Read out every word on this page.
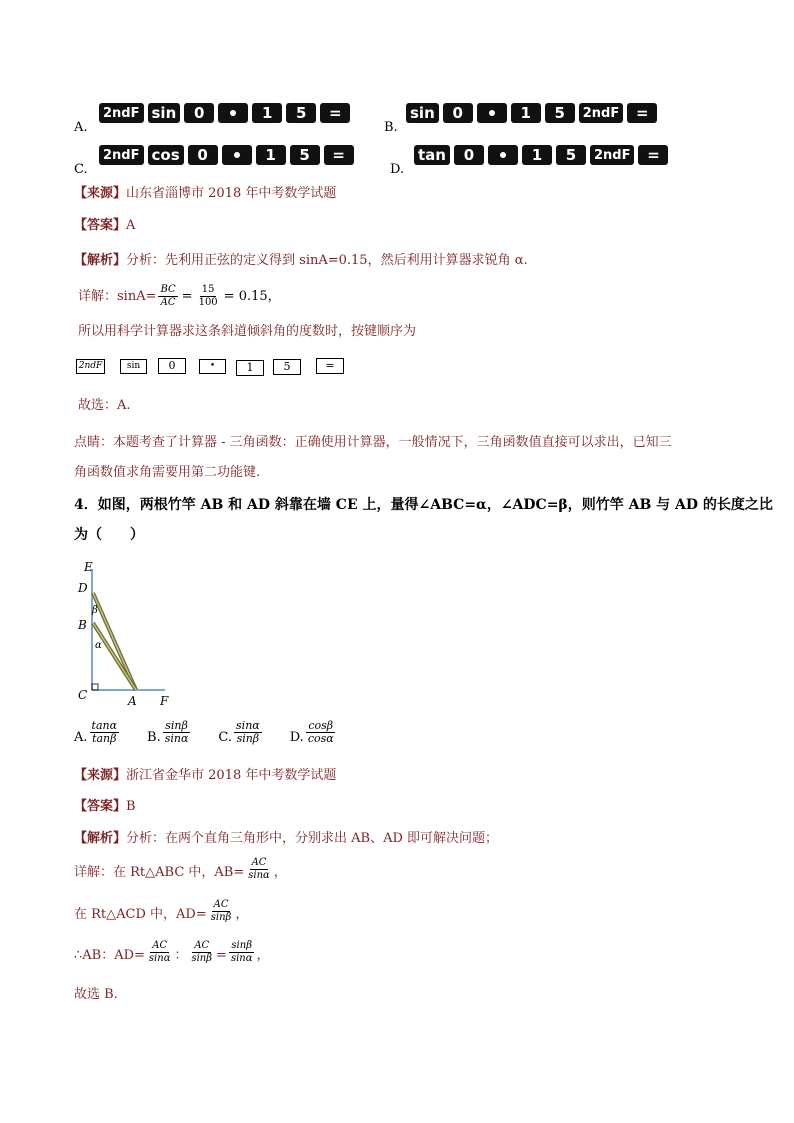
A.
2ndF sin	0	1	5	=
B.
sin	0	1	5	2ndF	=
C.
2ndF cos	0	1	5	=
D.
tan	0	1	5	2ndF	=
【来源】山东省淄博市 2018 年中考数学试题
【答案】A
【解析】分析：先利用正弦的定义得到 sinA=0.15，然后利用计算器求锐角 α.
详解：$\sin A= \frac{BC}{AC} = \frac{15}{100} = 0.15$，
所以用科学计算器求这条斜道倾斜角的度数时，按键顺序为
2ndF	sin	0	•	1	5	=
故选：A.
点睛：本题考查了计算器 - 三角函数：正确使用计算器，一般情况下，三角函数值直接可以求出，已知三
角函数值求角需要用第二功能键.
4．如图，两根竹竿 AB 和 AD 斜靠在墙 CE 上，量得∠ABC=α，∠ADC=β，则竹竿 AB 与 AD 的长度之比
为（　　）
E
D
B
C	A F
β
α
A. $\frac{\tan\alpha}{\tan\beta} B$. $\frac{\sin\beta}{\sin\alpha} C$. $\frac{\sin\alpha}{\sin\beta} D$. $\frac{\cos\beta}{\cos\alpha}$
【来源】浙江省金华市 2018 年中考数学试题
【答案】B
【解析】分析：在两个直角三角形中，分别求出 AB、AD 即可解决问题；
详解：在 Rt△ABC 中，$AB= \frac{AC}{\sin\alpha}$ ，
在 Rt△ACD 中，$AD= \frac{AC}{\sin\beta}$ ，
∴AB：$AD= \frac{AC}{\sin\alpha}$ ： $\frac{AC}{\sin\beta} = \frac{\sin\beta}{\sin\alpha}$ ，
故选 B.
